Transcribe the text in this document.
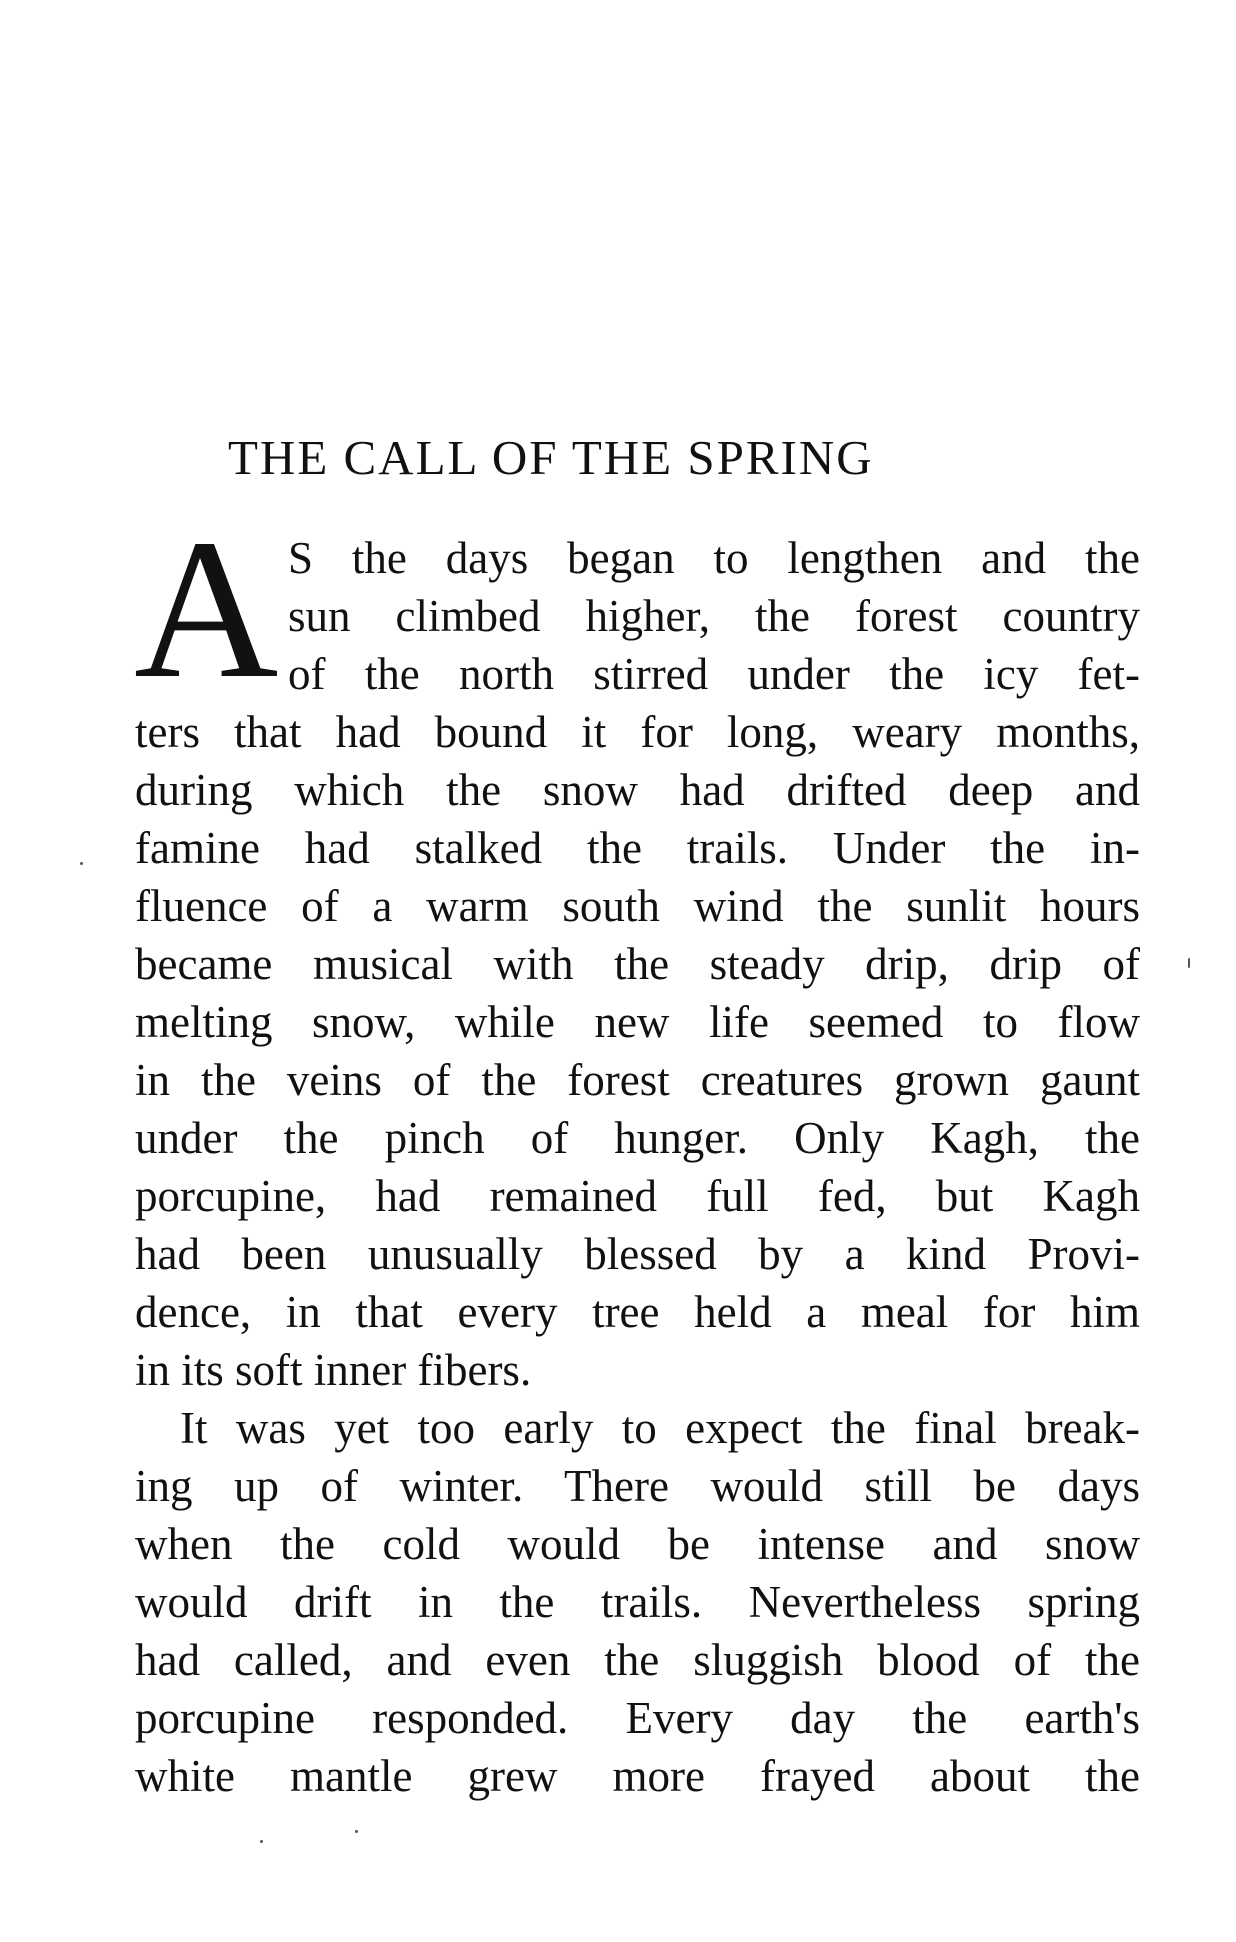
THE CALL OF THE SPRING
A S the days began to lengthen and the
sun climbed higher, the forest country
of the north stirred under the icy fet-
ters that had bound it for long, weary months,
during which the snow had drifted deep and
famine had stalked the trails. Under the in-
fluence of a warm south wind the sunlit hours
became musical with the steady drip, drip of
melting snow, while new life seemed to flow
in the veins of the forest creatures grown gaunt
under the pinch of hunger. Only Kagh, the
porcupine, had remained full fed, but Kagh
had been unusually blessed by a kind Provi-
dence, in that every tree held a meal for him
in its soft inner fibers.
It was yet too early to expect the final break-
ing up of winter. There would still be days
when the cold would be intense and snow
would drift in the trails. Nevertheless spring
had called, and even the sluggish blood of the
porcupine responded. Every day the earth's
white mantle grew more frayed about the
